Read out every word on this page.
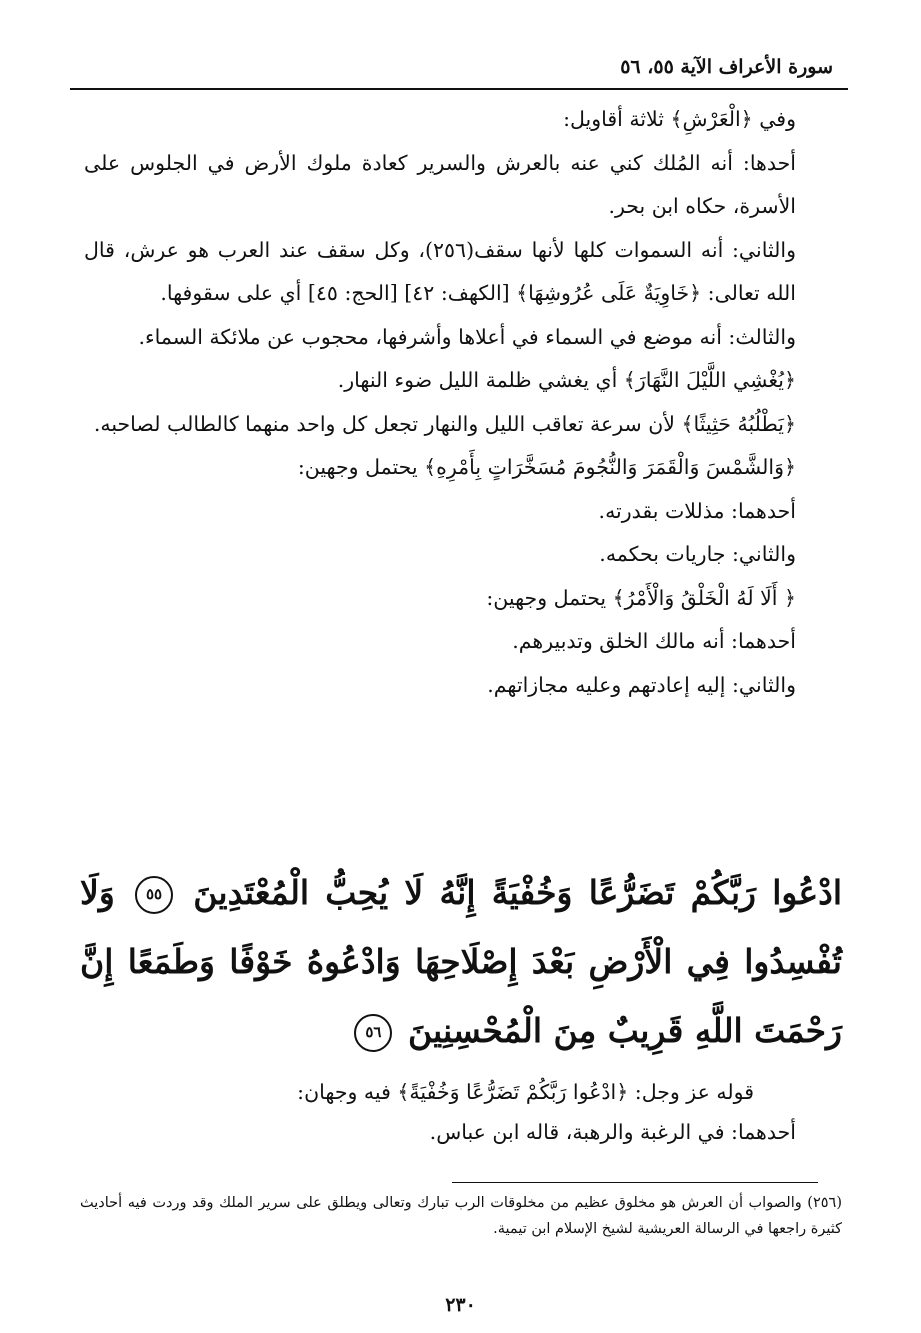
سورة الأعراف الآية ٥٥، ٥٦

وفي ﴿الْعَرْشِ﴾ ثلاثة أقاويل:

أحدها: أنه المُلك كني عنه بالعرش والسرير كعادة ملوك الأرض في الجلوس على الأسرة، حكاه ابن بحر.

والثاني: أنه السموات كلها لأنها سقف(٢٥٦)، وكل سقف عند العرب هو عرش، قال الله تعالى: ﴿خَاوِيَةٌ عَلَى عُرُوشِهَا﴾ [الكهف: ٤٢] [الحج: ٤٥] أي على سقوفها.

والثالث: أنه موضع في السماء في أعلاها وأشرفها، محجوب عن ملائكة السماء.

﴿يُغْشِي اللَّيْلَ النَّهَارَ﴾ أي يغشي ظلمة الليل ضوء النهار.

﴿يَطْلُبُهُ حَثِيثًا﴾ لأن سرعة تعاقب الليل والنهار تجعل كل واحد منهما كالطالب لصاحبه.

﴿وَالشَّمْسَ وَالْقَمَرَ وَالنُّجُومَ مُسَخَّرَاتٍ بِأَمْرِهِ﴾ يحتمل وجهين:

أحدهما: مذللات بقدرته.

والثاني: جاريات بحكمه.

﴿ أَلَا لَهُ الْخَلْقُ وَالْأَمْرُ﴾ يحتمل وجهين:

أحدهما: أنه مالك الخلق وتدبيرهم.

والثاني: إليه إعادتهم وعليه مجازاتهم.

ادْعُوا رَبَّكُمْ تَضَرُّعًا وَخُفْيَةً إِنَّهُ لَا يُحِبُّ الْمُعْتَدِينَ ٥٥ وَلَا تُفْسِدُوا فِي الْأَرْضِ بَعْدَ إِصْلَاحِهَا وَادْعُوهُ خَوْفًا وَطَمَعًا إِنَّ رَحْمَتَ اللَّهِ قَرِيبٌ مِنَ الْمُحْسِنِينَ ٥٦

قوله عز وجل: ﴿ادْعُوا رَبَّكُمْ تَضَرُّعًا وَخُفْيَةً﴾ فيه وجهان:

أحدهما: في الرغبة والرهبة، قاله ابن عباس.

(٢٥٦) والصواب أن العرش هو مخلوق عظيم من مخلوقات الرب تبارك وتعالى ويطلق على سرير الملك وقد وردت فيه أحاديث كثيرة راجعها في الرسالة العريشية لشيخ الإسلام ابن تيمية.

٢٣٠
